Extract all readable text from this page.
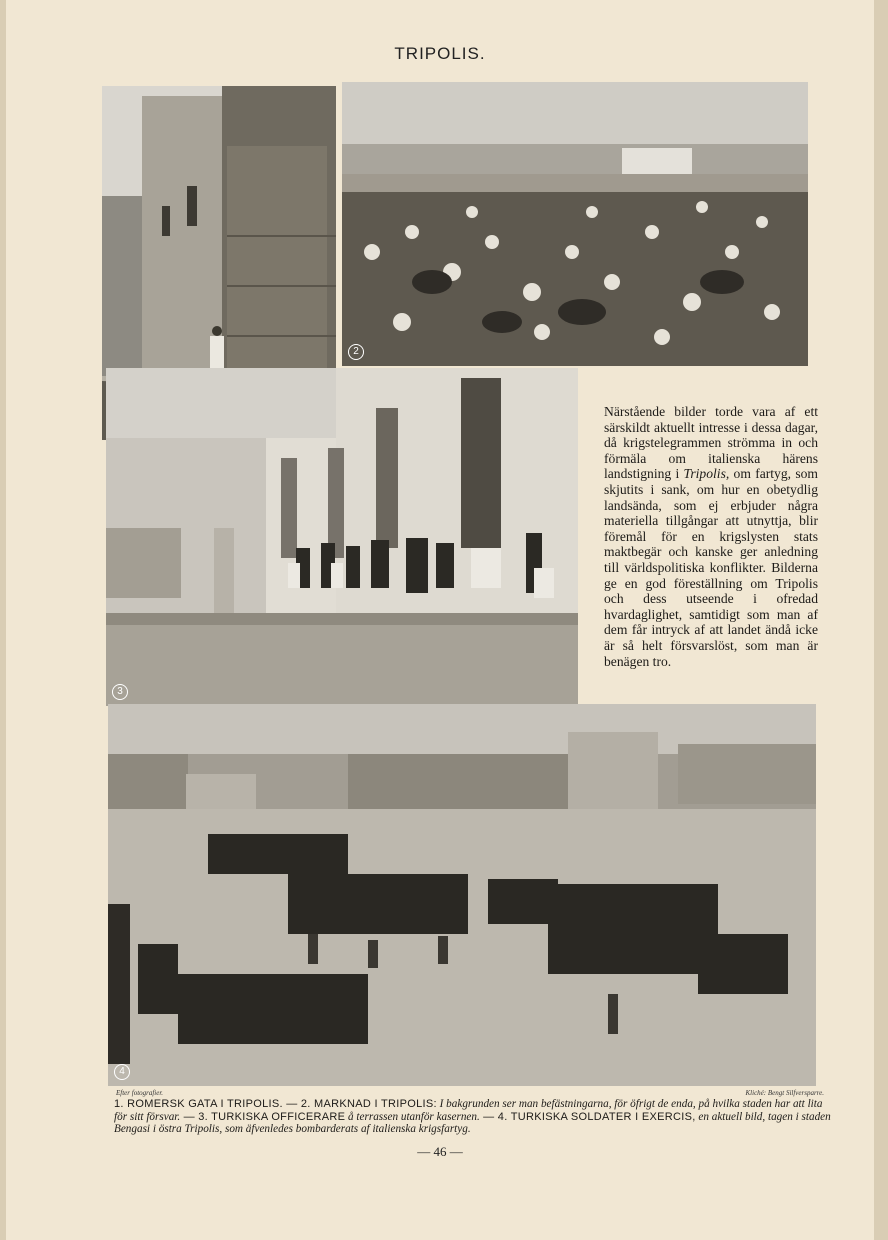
TRIPOLIS.
2
3

Närstående bilder torde vara af ett särskildt aktuellt intresse i dessa dagar, då krigstelegrammen strömma in och förmäla om italienska härens landstigning i Tripolis, om fartyg, som skjutits i sank, om hur en obetydlig landsända, som ej erbjuder några materiella tillgångar att utnyttja, blir föremål för en krigslysten stats maktbegär och kanske ger anledning till världspolitiska konflikter. Bilderna ge en god föreställning om Tripolis och dess utseende i ofredad hvardaglighet, samtidigt som man af dem får intryck af att landet ändå icke är så helt försvarslöst, som man är benägen tro.

4
Efter fotografier.	Kliché: Bengt Silfversparre.

1. ROMERSK GATA I TRIPOLIS. — 2. MARKNAD I TRIPOLIS: I bakgrunden ser man befästningarna, för öfrigt de enda, på hvilka staden har att lita för sitt försvar. — 3. TURKISKA OFFICERARE å terrassen utanför kasernen. — 4. TURKISKA SOLDATER I EXERCIS, en aktuell bild, tagen i staden Bengasi i östra Tripolis, som äfvenledes bombarderats af italienska krigsfartyg.

— 46 —
